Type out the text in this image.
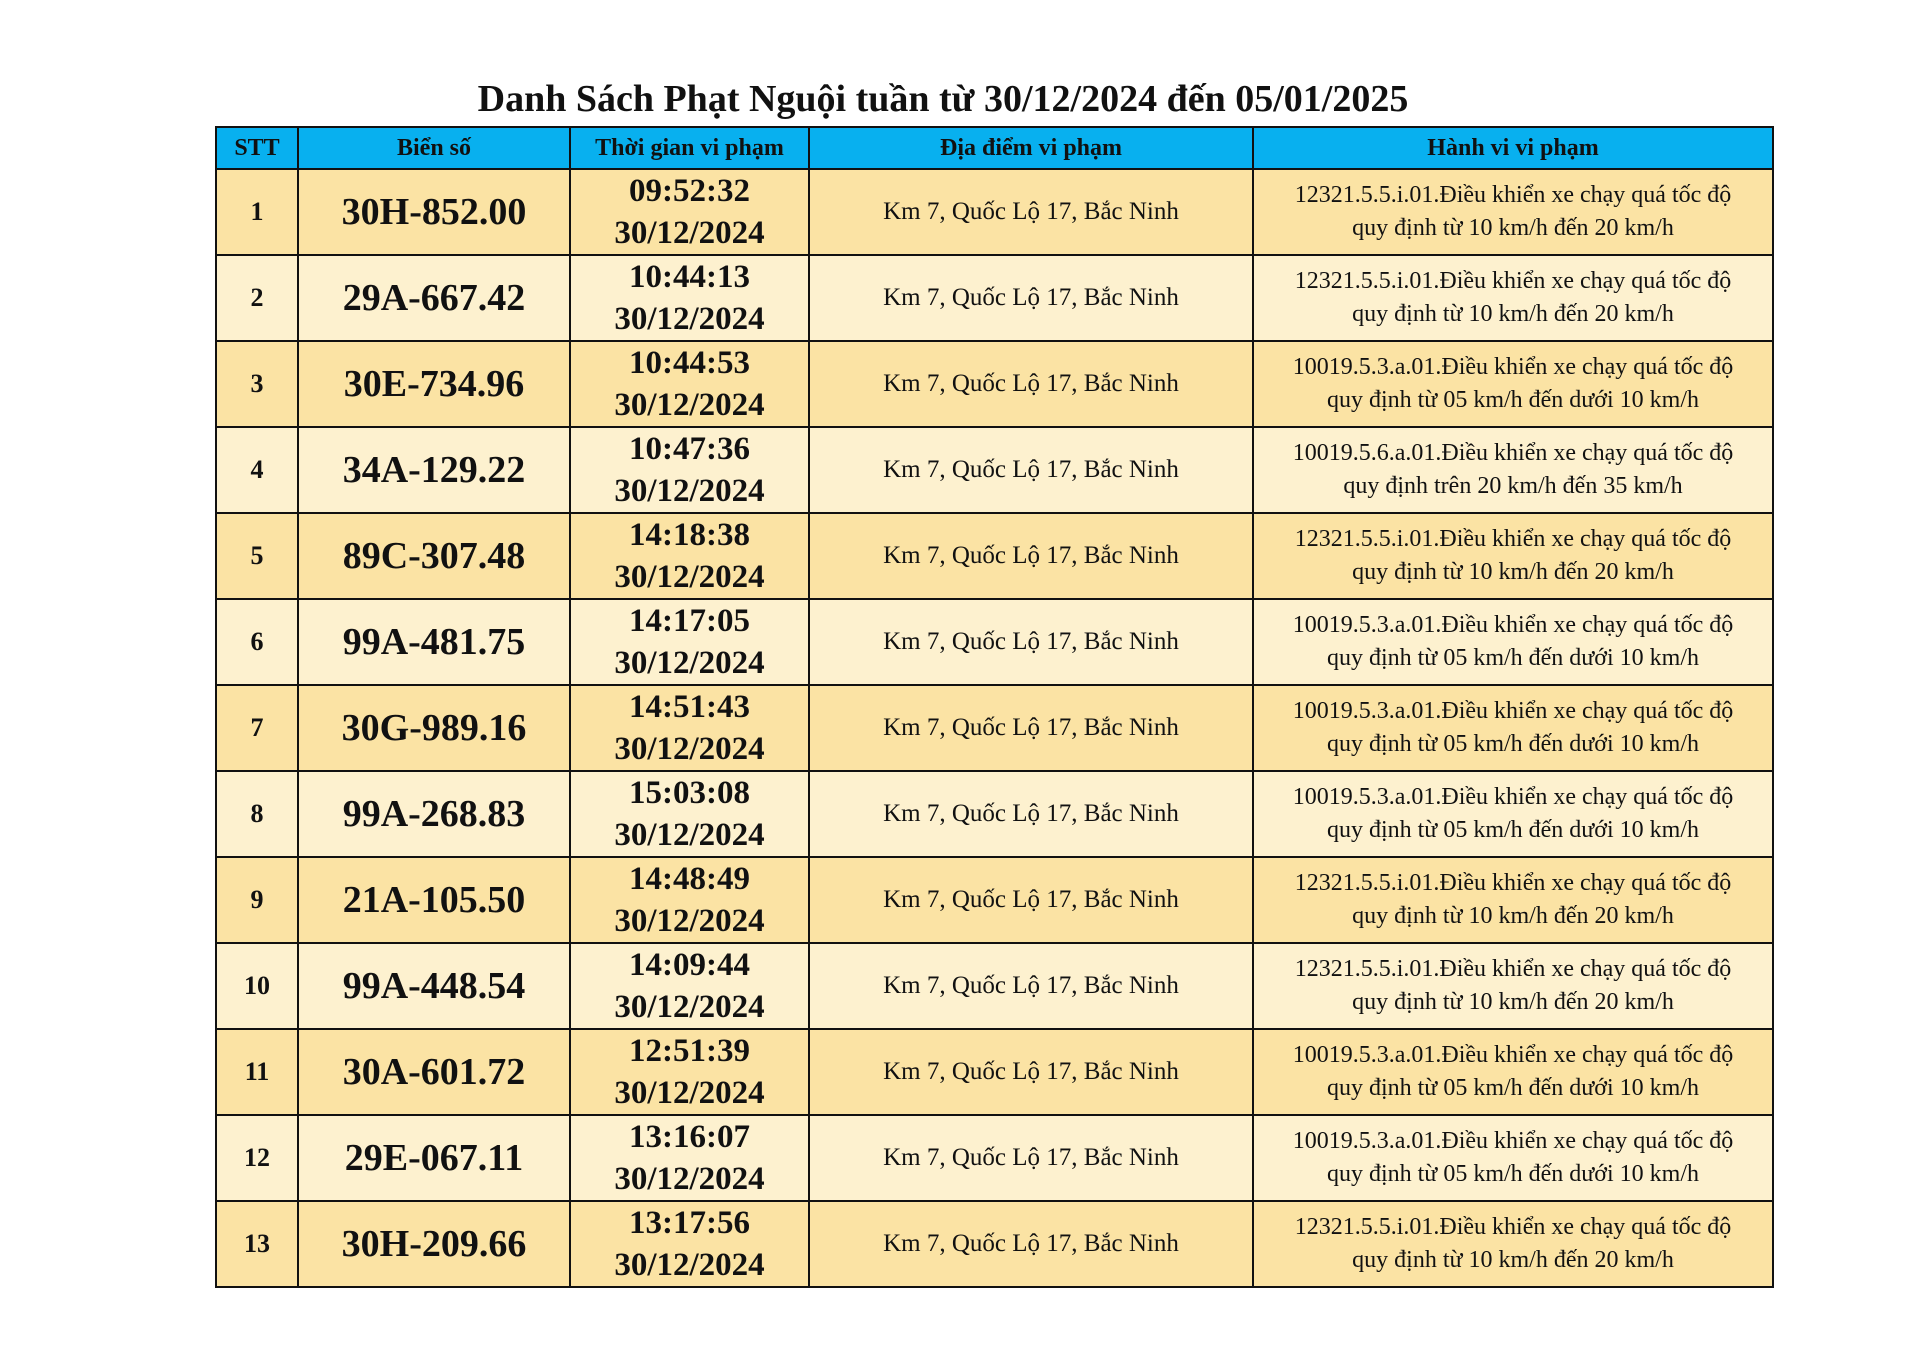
Danh Sách Phạt Nguội tuần từ 30/12/2024 đến 05/01/2025
STT	Biển số	Thời gian vi phạm	Địa điểm vi phạm	Hành vi vi phạm
1	30H-852.00	09:52:32
30/12/2024	Km 7, Quốc Lộ 17, Bắc Ninh	12321.5.5.i.01.Điều khiển xe chạy quá tốc độ
quy định từ 10 km/h đến 20 km/h

2	29A-667.42	10:44:13
30/12/2024	Km 7, Quốc Lộ 17, Bắc Ninh	12321.5.5.i.01.Điều khiển xe chạy quá tốc độ
quy định từ 10 km/h đến 20 km/h

3	30E-734.96	10:44:53
30/12/2024	Km 7, Quốc Lộ 17, Bắc Ninh	10019.5.3.a.01.Điều khiển xe chạy quá tốc độ
quy định từ 05 km/h đến dưới 10 km/h

4	34A-129.22	10:47:36
30/12/2024	Km 7, Quốc Lộ 17, Bắc Ninh	10019.5.6.a.01.Điều khiển xe chạy quá tốc độ
quy định trên 20 km/h đến 35 km/h

5	89C-307.48	14:18:38
30/12/2024	Km 7, Quốc Lộ 17, Bắc Ninh	12321.5.5.i.01.Điều khiển xe chạy quá tốc độ
quy định từ 10 km/h đến 20 km/h

6	99A-481.75	14:17:05
30/12/2024	Km 7, Quốc Lộ 17, Bắc Ninh	10019.5.3.a.01.Điều khiển xe chạy quá tốc độ
quy định từ 05 km/h đến dưới 10 km/h

7	30G-989.16	14:51:43
30/12/2024	Km 7, Quốc Lộ 17, Bắc Ninh	10019.5.3.a.01.Điều khiển xe chạy quá tốc độ
quy định từ 05 km/h đến dưới 10 km/h

8	99A-268.83	15:03:08
30/12/2024	Km 7, Quốc Lộ 17, Bắc Ninh	10019.5.3.a.01.Điều khiển xe chạy quá tốc độ
quy định từ 05 km/h đến dưới 10 km/h

9	21A-105.50	14:48:49
30/12/2024	Km 7, Quốc Lộ 17, Bắc Ninh	12321.5.5.i.01.Điều khiển xe chạy quá tốc độ
quy định từ 10 km/h đến 20 km/h

10	99A-448.54	14:09:44
30/12/2024	Km 7, Quốc Lộ 17, Bắc Ninh	12321.5.5.i.01.Điều khiển xe chạy quá tốc độ
quy định từ 10 km/h đến 20 km/h

11	30A-601.72	12:51:39
30/12/2024	Km 7, Quốc Lộ 17, Bắc Ninh	10019.5.3.a.01.Điều khiển xe chạy quá tốc độ
quy định từ 05 km/h đến dưới 10 km/h

12	29E-067.11	13:16:07
30/12/2024	Km 7, Quốc Lộ 17, Bắc Ninh	10019.5.3.a.01.Điều khiển xe chạy quá tốc độ
quy định từ 05 km/h đến dưới 10 km/h

13	30H-209.66	13:17:56
30/12/2024	Km 7, Quốc Lộ 17, Bắc Ninh	12321.5.5.i.01.Điều khiển xe chạy quá tốc độ
quy định từ 10 km/h đến 20 km/h
